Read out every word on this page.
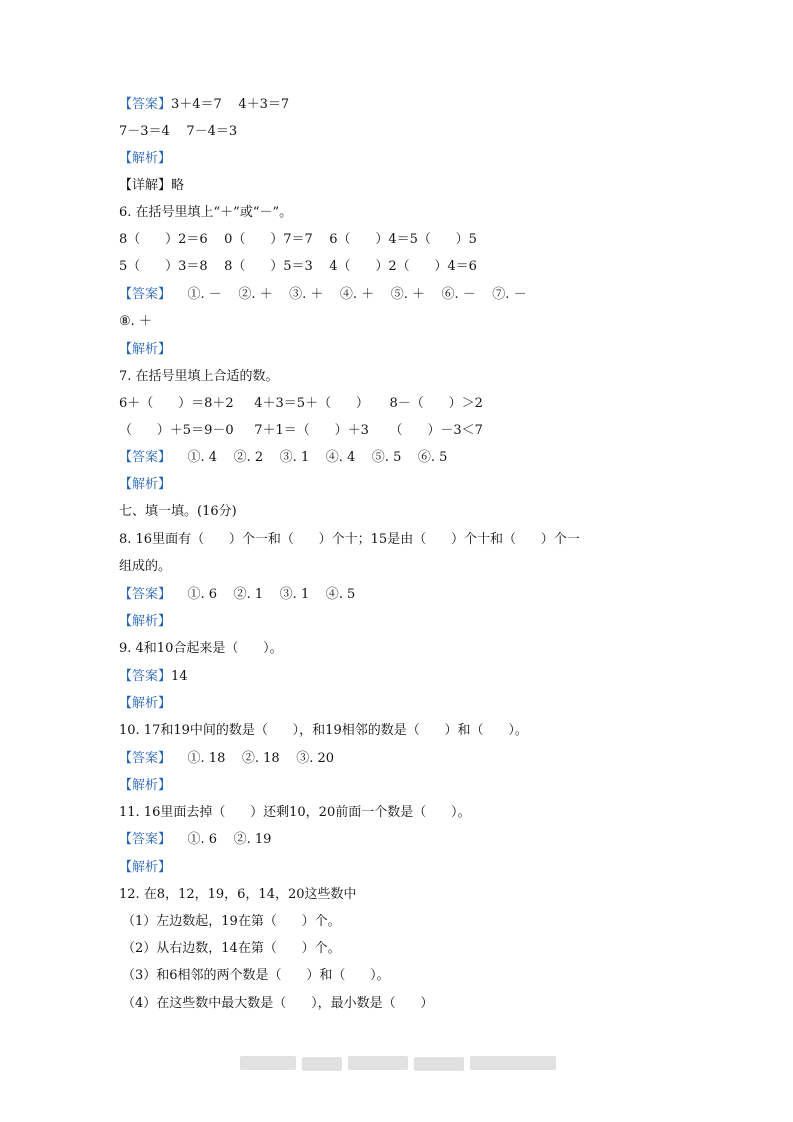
【答案】3＋4＝7    4＋3＝7
7－3＝4    7－4＝3
【解析】
【详解】略
6. 在括号里填上“＋”或“－”。
8（      ）2＝6    0（      ）7＝7    6（      ）4＝5（      ）5
5（      ）3＝8    8（      ）5＝3    4（      ）2（      ）4＝6
【答案】    ①. －    ②. ＋    ③. ＋    ④. ＋    ⑤. ＋    ⑥. －    ⑦. －
⑧. ＋
【解析】
7. 在括号里填上合适的数。
6＋（      ）＝8＋2     4＋3＝5＋（      ）     8－（      ）＞2
（      ）＋5＝9－0     7＋1＝（      ）＋3     （      ）－3＜7
【答案】    ①. 4    ②. 2    ③. 1    ④. 4    ⑤. 5    ⑥. 5
【解析】
七、填一填。(16分)
8. 16里面有（      ）个一和（      ）个十；15是由（      ）个十和（      ）个一
组成的。
【答案】    ①. 6    ②. 1    ③. 1    ④. 5
【解析】
9. 4和10合起来是（      ）。
【答案】14
【解析】
10. 17和19中间的数是（      ），和19相邻的数是（      ）和（      ）。
【答案】    ①. 18    ②. 18    ③. 20
【解析】
11. 16里面去掉（      ）还剩10，20前面一个数是（      ）。
【答案】    ①. 6    ②. 19
【解析】
12. 在8，12，19，6，14，20这些数中
（1）左边数起，19在第（      ）个。
（2）从右边数，14在第（      ）个。
（3）和6相邻的两个数是（      ）和（      ）。
（4）在这些数中最大数是（      ），最小数是（      ）
